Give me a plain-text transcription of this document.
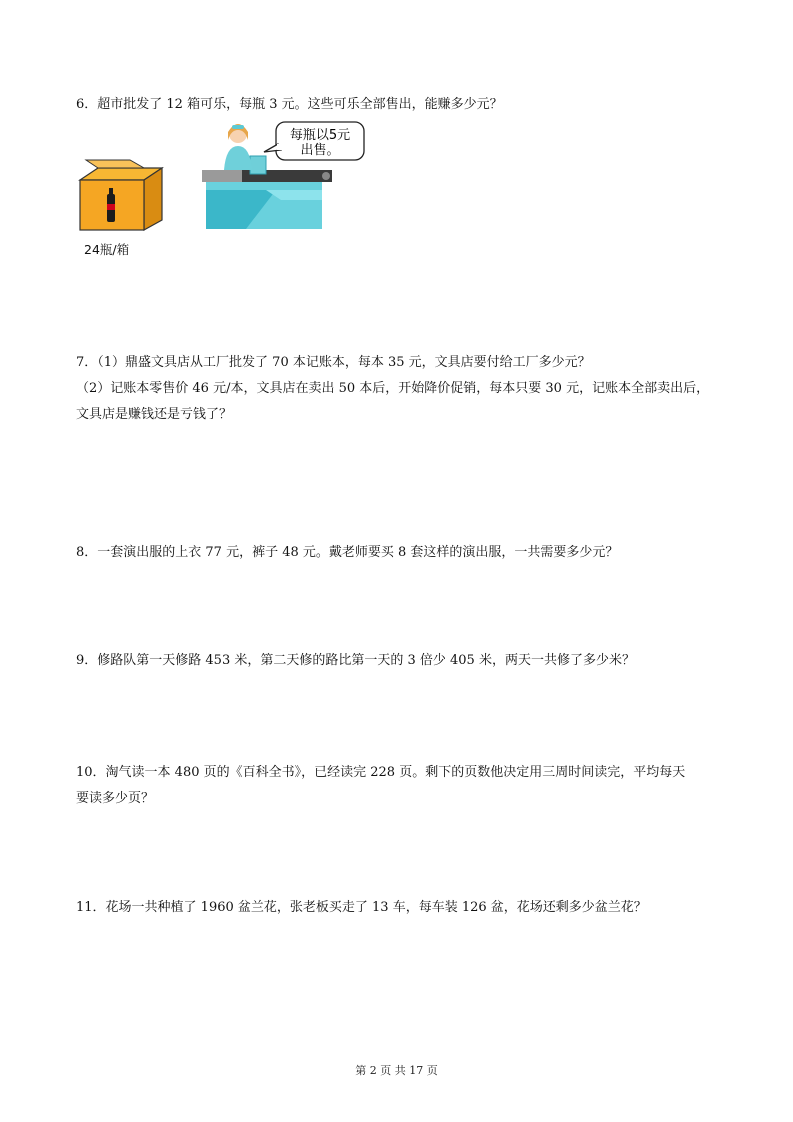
6．超市批发了 12 箱可乐，每瓶 3 元。这些可乐全部售出，能赚多少元？
每瓶以5元
出售。
24瓶/箱
7．（1）鼎盛文具店从工厂批发了 70 本记账本，每本 35 元，文具店要付给工厂多少元？
（2）记账本零售价 46 元/本，文具店在卖出 50 本后，开始降价促销，每本只要 30 元，记账本全部卖出后，
文具店是赚钱还是亏钱了？
8．一套演出服的上衣 77 元，裤子 48 元。戴老师要买 8 套这样的演出服，一共需要多少元？
9．修路队第一天修路 453 米，第二天修的路比第一天的 3 倍少 405 米，两天一共修了多少米？
10．淘气读一本 480 页的《百科全书》，已经读完 228 页。剩下的页数他决定用三周时间读完，平均每天
要读多少页？
11．花场一共种植了 1960 盆兰花，张老板买走了 13 车，每车装 126 盆，花场还剩多少盆兰花？
第 2 页 共 17 页
